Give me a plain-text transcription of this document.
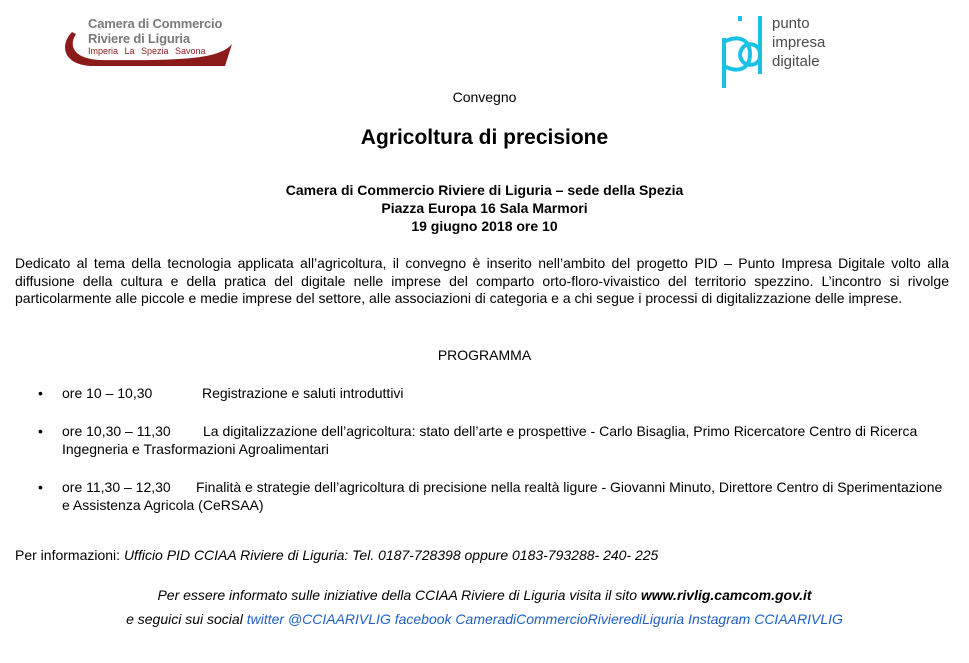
Camera di Commercio
Riviere di Liguria
Imperia La Spezia Savona
punto
impresa
digitale
Convegno
Agricoltura di precisione
Camera di Commercio Riviere di Liguria – sede della Spezia
Piazza Europa 16 Sala Marmori
19 giugno 2018 ore 10
Dedicato al tema della tecnologia applicata all’agricoltura, il convegno è inserito nell’ambito del progetto PID – Punto Impresa Digitale volto alla diffusione della cultura e della pratica del digitale nelle imprese del comparto orto-floro-vivaistico del territorio spezzino. L’incontro si rivolge particolarmente alle piccole e medie imprese del settore, alle associazioni di categoria e a chi segue i processi di digitalizzazione delle imprese.
PROGRAMMA
• ore 10 – 10,30	Registrazione e saluti introduttivi
•	ore 10,30 – 11,30 La digitalizzazione dell’agricoltura: stato dell’arte e prospettive - Carlo Bisaglia, Primo Ricercatore Centro di Ricerca Ingegneria e Trasformazioni Agroalimentari
• ore 11,30 – 12,30 Finalità e strategie dell’agricoltura di precisione nella realtà ligure - Giovanni Minuto, Direttore Centro di Sperimentazione e Assistenza Agricola (CeRSAA)
Per informazioni: Ufficio PID CCIAA Riviere di Liguria: Tel. 0187-728398 oppure 0183-793288- 240- 225
Per essere informato sulle iniziative della CCIAA Riviere di Liguria visita il sito www.rivlig.camcom.gov.it
e seguici sui social twitter @CCIAARIVLIG facebook CameradiCommercioRivierediLiguria Instagram CCIAARIVLIG
